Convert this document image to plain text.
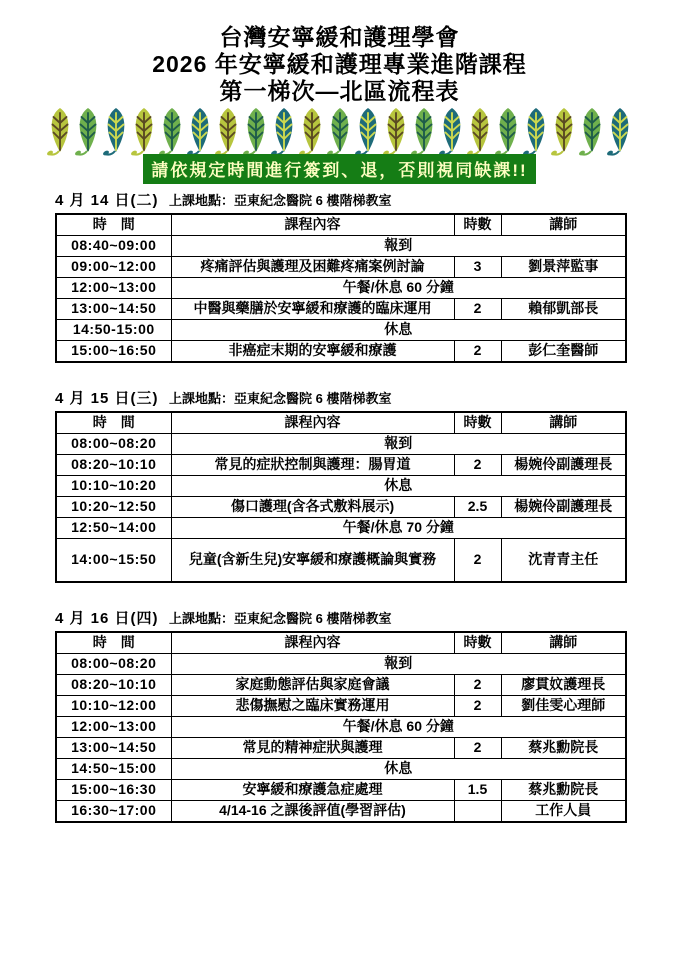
台灣安寧緩和護理學會
2026 年安寧緩和護理專業進階課程
第一梯次—北區流程表
請依規定時間進行簽到、退，否則視同缺課!!
4 月 14 日(二) 上課地點：亞東紀念醫院 6 樓階梯教室
時　間	課程內容	時數	講師
08:40~09:00	報到		
09:00~12:00	疼痛評估與護理及困難疼痛案例討論	3	劉景萍監事
12:00~13:00	午餐/休息 60 分鐘		
13:00~14:50	中醫與藥膳於安寧緩和療護的臨床運用	2	賴郁凱部長
14:50-15:00	休息		
15:00~16:50	非癌症末期的安寧緩和療護	2	彭仁奎醫師
4 月 15 日(三) 上課地點：亞東紀念醫院 6 樓階梯教室
時　間	課程內容	時數	講師
08:00~08:20	報到		
08:20~10:10	常見的症狀控制與護理：腸胃道	2	楊婉伶副護理長
10:10~10:20	休息		
10:20~12:50	傷口護理(含各式敷料展示)	2.5	楊婉伶副護理長
12:50~14:00	午餐/休息 70 分鐘		
14:00~15:50	兒童(含新生兒)安寧緩和療護概論與實務	2	沈青青主任
4 月 16 日(四) 上課地點：亞東紀念醫院 6 樓階梯教室
時　間	課程內容	時數	講師
08:00~08:20	報到		
08:20~10:10	家庭動態評估與家庭會議	2	廖貫妏護理長
10:10~12:00	悲傷撫慰之臨床實務運用	2	劉佳雯心理師
12:00~13:00	午餐/休息 60 分鐘		
13:00~14:50	常見的精神症狀與護理	2	蔡兆勳院長
14:50~15:00	休息		
15:00~16:30	安寧緩和療護急症處理	1.5	蔡兆勳院長
16:30~17:00	4/14-16 之課後評值(學習評估)		工作人員
